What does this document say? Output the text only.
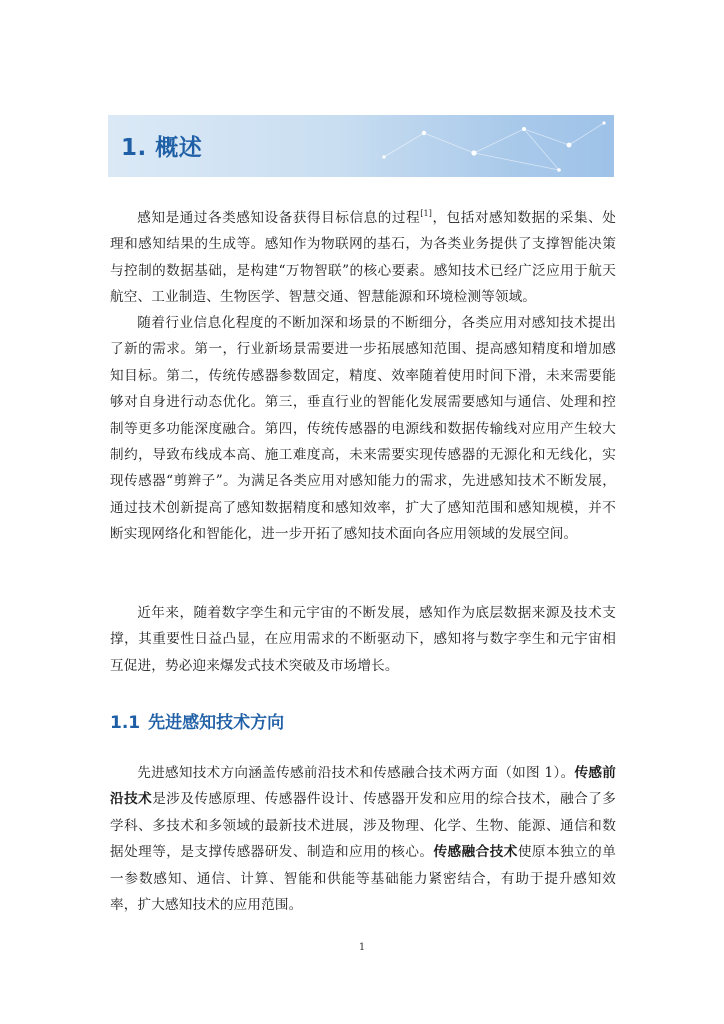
1. 概述

感知是通过各类感知设备获得目标信息的过程[1]，包括对感知数据的采集、处理和感知结果的生成等。感知作为物联网的基石，为各类业务提供了支撑智能决策与控制的数据基础，是构建“万物智联”的核心要素。感知技术已经广泛应用于航天航空、工业制造、生物医学、智慧交通、智慧能源和环境检测等领域。

随着行业信息化程度的不断加深和场景的不断细分，各类应用对感知技术提出了新的需求。第一，行业新场景需要进一步拓展感知范围、提高感知精度和增加感知目标。第二，传统传感器参数固定，精度、效率随着使用时间下滑，未来需要能够对自身进行动态优化。第三，垂直行业的智能化发展需要感知与通信、处理和控制等更多功能深度融合。第四，传统传感器的电源线和数据传输线对应用产生较大制约，导致布线成本高、施工难度高，未来需要实现传感器的无源化和无线化，实现传感器“剪辫子”。为满足各类应用对感知能力的需求，先进感知技术不断发展，通过技术创新提高了感知数据精度和感知效率，扩大了感知范围和感知规模，并不断实现网络化和智能化，进一步开拓了感知技术面向各应用领域的发展空间。

近年来，随着数字孪生和元宇宙的不断发展，感知作为底层数据来源及技术支撑，其重要性日益凸显，在应用需求的不断驱动下，感知将与数字孪生和元宇宙相互促进，势必迎来爆发式技术突破及市场增长。

1.1 先进感知技术方向

先进感知技术方向涵盖传感前沿技术和传感融合技术两方面（如图 1）。传感前沿技术是涉及传感原理、传感器件设计、传感器开发和应用的综合技术，融合了多学科、多技术和多领域的最新技术进展，涉及物理、化学、生物、能源、通信和数据处理等，是支撑传感器研发、制造和应用的核心。传感融合技术使原本独立的单一参数感知、通信、计算、智能和供能等基础能力紧密结合，有助于提升感知效率，扩大感知技术的应用范围。

1
